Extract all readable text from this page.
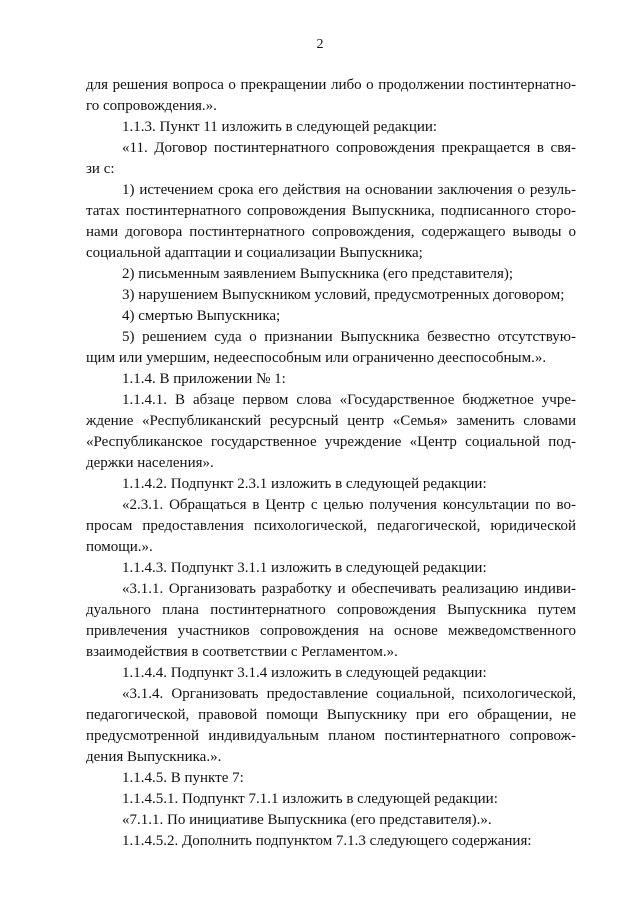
2
для решения вопроса о прекращении либо о продолжении постинтернатно-
го сопровождения.».
1.1.3. Пункт 11 изложить в следующей редакции:
«11. Договор постинтернатного сопровождения прекращается в свя-
зи с:
1) истечением срока его действия на основании заключения о резуль-
татах постинтернатного сопровождения Выпускника, подписанного сторо-
нами договора постинтернатного сопровождения, содержащего выводы о
социальной адаптации и социализации Выпускника;
2) письменным заявлением Выпускника (его представителя);
3) нарушением Выпускником условий, предусмотренных договором;
4) смертью Выпускника;
5) решением суда о признании Выпускника безвестно отсутствую-
щим или умершим, недееспособным или ограниченно дееспособным.».
1.1.4. В приложении № 1:
1.1.4.1. В абзаце первом слова «Государственное бюджетное учре-
ждение «Республиканский ресурсный центр «Семья» заменить словами
«Республиканское государственное учреждение «Центр социальной под-
держки населения».
1.1.4.2. Подпункт 2.3.1 изложить в следующей редакции:
«2.3.1. Обращаться в Центр с целью получения консультации по во-
просам предоставления психологической, педагогической, юридической
помощи.».
1.1.4.3. Подпункт 3.1.1 изложить в следующей редакции:
«3.1.1. Организовать разработку и обеспечивать реализацию индиви-
дуального плана постинтернатного сопровождения Выпускника путем
привлечения участников сопровождения на основе межведомственного
взаимодействия в соответствии с Регламентом.».
1.1.4.4. Подпункт 3.1.4 изложить в следующей редакции:
«3.1.4. Организовать предоставление социальной, психологической,
педагогической, правовой помощи Выпускнику при его обращении, не
предусмотренной индивидуальным планом постинтернатного сопровож-
дения Выпускника.».
1.1.4.5. В пункте 7:
1.1.4.5.1. Подпункт 7.1.1 изложить в следующей редакции:
«7.1.1. По инициативе Выпускника (его представителя).».
1.1.4.5.2. Дополнить подпунктом 7.1.3 следующего содержания:
